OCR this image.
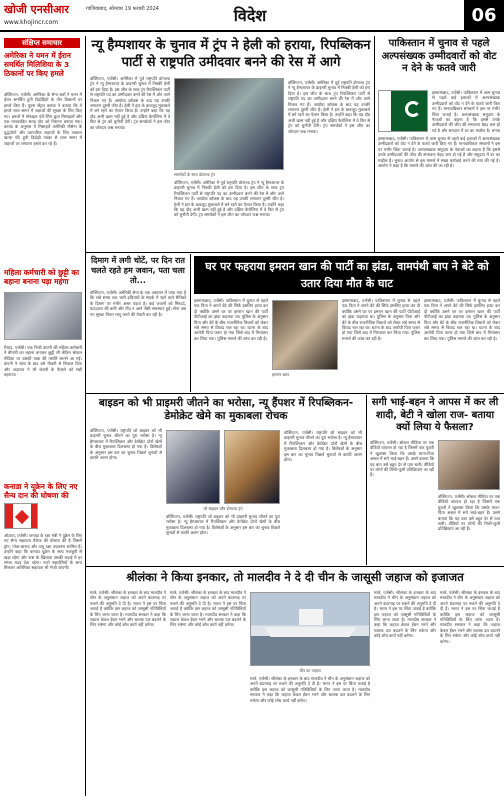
खोजी एनसीआर
www.khojincr.com
गाजियाबाद, सोमवार 19 फरवरी 2024	विदेश	06
संक्षिप्त समाचार
अमेरिका ने यमन में ईरान समर्थित मिलिशिया के 3 ठिकानों पर किए हमले
वॉशिंगटन, एजेंसी। अमेरिका के सेना बलों ने यमन में ईरान समर्थित हूती विद्रोहियों के तीन ठिकानों पर हमले किए हैं। यूएस सेंट्रल कमांड ने बताया कि ये हमले लाल सागर में जहाजों की सुरक्षा के लिए किए गए। हमलों में मोबाइल एंटी-शिप क्रूज मिसाइलों और एक मानवरहित सतह पोत को निशाना बनाया गया। कमांड के अनुसार ये मिसाइलें अमेरिकी नौसेना के युद्धपोतों और व्यापारिक जहाजों के लिए तत्काल खतरा थीं। हूती विद्रोही नवंबर से लाल सागर में जहाजों पर लगातार हमले कर रहे हैं।
महिला कर्मचारी को छुट्टी का बहाना बनाना पड़ा महंगा
रियाद, एजेंसी। एक निजी कंपनी की महिला कर्मचारी ने बीमारी का बहाना बनाकर छुट्टी ली लेकिन सोशल मीडिया पर उसकी यात्रा की तस्वीरें सामने आ गईं। कंपनी ने जांच के बाद उसे नौकरी से निकाल दिया और अदालत ने भी कंपनी के फैसले को सही ठहराया।
कनाडा ने यूक्रेन के लिए नए सैन्य दान की घोषणा की

ओटावा, एजेंसी। कनाडा के रक्षा मंत्री ने यूक्रेन के लिए नए सैन्य सहायता पैकेज की घोषणा की है जिसमें ड्रोन, गोला-बारूद और वायु रक्षा उपकरण शामिल हैं। उन्होंने कहा कि कनाडा यूक्रेन के साथ मजबूती से खड़ा रहेगा और रूस के खिलाफ उसकी लड़ाई में हर संभव मदद देता रहेगा। नाटो सहयोगियों के साथ मिलकर अतिरिक्त सहायता भी भेजी जाएगी।
न्यू हैम्पशायर के चुनाव में ट्रंप ने हेली को हराया, रिपब्लिकन पार्टी से राष्ट्रपति उमीदवार बनने की रेस में आगे
वॉशिंगटन, एजेंसी। अमेरिका में पूर्व राष्ट्रपति डोनाल्ड ट्रंप ने न्यू हैम्पशायर के प्राइमरी चुनाव में निक्की हेली को हरा दिया है। इस जीत के साथ ट्रंप रिपब्लिकन पार्टी से राष्ट्रपति पद का उम्मीदवार बनने की रेस में और आगे निकल गए हैं। आयोवा कॉकस के बाद यह उनकी लगातार दूसरी जीत है। हेली ने हार के बावजूद मुकाबले में बने रहने का ऐलान किया है। उन्होंने कहा कि यह दौड़ अभी खत्म नहीं हुई है और दक्षिण कैरोलिना में वे फिर से ट्रंप को चुनौती देंगी। ट्रंप समर्थकों ने इस जीत का जोरदार जश्न मनाया।
समर्थकों के साथ डोनाल्ड ट्रंप
वॉशिंगटन, एजेंसी। अमेरिका में पूर्व राष्ट्रपति डोनाल्ड ट्रंप ने न्यू हैम्पशायर के प्राइमरी चुनाव में निक्की हेली को हरा दिया है। इस जीत के साथ ट्रंप रिपब्लिकन पार्टी से राष्ट्रपति पद का उम्मीदवार बनने की रेस में और आगे निकल गए हैं। आयोवा कॉकस के बाद यह उनकी लगातार दूसरी जीत है। हेली ने हार के बावजूद मुकाबले में बने रहने का ऐलान किया है। उन्होंने कहा कि यह दौड़ अभी खत्म नहीं हुई है और दक्षिण कैरोलिना में वे फिर से ट्रंप को चुनौती देंगी। ट्रंप समर्थकों ने इस जीत का जोरदार जश्न मनाया।
वॉशिंगटन, एजेंसी। अमेरिका में पूर्व राष्ट्रपति डोनाल्ड ट्रंप ने न्यू हैम्पशायर के प्राइमरी चुनाव में निक्की हेली को हरा दिया है। इस जीत के साथ ट्रंप रिपब्लिकन पार्टी से राष्ट्रपति पद का उम्मीदवार बनने की रेस में और आगे निकल गए हैं। आयोवा कॉकस के बाद यह उनकी लगातार दूसरी जीत है। हेली ने हार के बावजूद मुकाबले में बने रहने का ऐलान किया है। उन्होंने कहा कि यह दौड़ अभी खत्म नहीं हुई है और दक्षिण कैरोलिना में वे फिर से ट्रंप को चुनौती देंगी। ट्रंप समर्थकों ने इस जीत का जोरदार जश्न मनाया।
पाकिस्तान में चुनाव से पहले अल्पसंख्यक उम्मीदवारों को वोट न देने के फतवे जारी
इस्लामाबाद, एजेंसी। पाकिस्तान में आम चुनाव से पहले कई इलाकों में अल्पसंख्यक उम्मीदवारों को वोट न देने के फतवे जारी किए गए हैं। मानवाधिकार संगठनों ने इस पर गंभीर चिंता जताई है। अल्पसंख्यक समुदाय के नेताओं का कहना है कि इससे उनके उम्मीदवारों की जीत की संभावना बेहद कम हो गई है और समुदाय में डर का माहौल है। चुनाव
इस्लामाबाद, एजेंसी। पाकिस्तान में आम चुनाव से पहले कई इलाकों में अल्पसंख्यक उम्मीदवारों को वोट न देने के फतवे जारी किए गए हैं। मानवाधिकार संगठनों ने इस पर गंभीर चिंता जताई है। अल्पसंख्यक समुदाय के नेताओं का कहना है कि इससे उनके उम्मीदवारों की जीत की संभावना बेहद कम हो गई है और समुदाय में डर का माहौल है। चुनाव आयोग से इस मामले में सख्त कार्रवाई करने की मांग की गई है। आयोग ने कहा है कि मामले की जांच की जा रही है।
दिमाग में लगी चोटें, पर दिन रात चलते रहते हम जवान, पता चला तो...
वॉशिंगटन, एजेंसी। अमेरिकी सेना के एक अध्ययन में पाया गया है कि लंबे समय तक भारी हथियारों के संपर्क में रहने वाले सैनिकों के दिमाग पर गंभीर असर पड़ता है। कई जवानों को सिरदर्द, याददाश्त की कमी और नींद न आने जैसी समस्याएं हुईं। सेना अब नए सुरक्षा नियम लागू करने की तैयारी कर रही है।
घर पर फहराया इमरान खान की पार्टी का झंडा, वामपंथी बाप ने बेटे को उतार दिया मौत के घाट
इस्लामाबाद, एजेंसी। पाकिस्तान में चुनाव से पहले एक पिता ने अपने बेटे की सिर्फ इसलिए हत्या कर दी क्योंकि उसने घर पर इमरान खान की पार्टी पीटीआई का झंडा फहराया था। पुलिस के अनुसार पिता और बेटे के बीच राजनीतिक विचारों को लेकर लंबे समय से विवाद चल रहा था। घटना के बाद आरोपी पिता फरार हो गया जिसे बाद में गिरफ्तार कर लिया गया। पुलिस मामले की जांच कर रही है।
इमरान खान
इस्लामाबाद, एजेंसी। पाकिस्तान में चुनाव से पहले एक पिता ने अपने बेटे की सिर्फ इसलिए हत्या कर दी क्योंकि उसने घर पर इमरान खान की पार्टी पीटीआई का झंडा फहराया था। पुलिस के अनुसार पिता और बेटे के बीच राजनीतिक विचारों को लेकर लंबे समय से विवाद चल रहा था। घटना के बाद आरोपी पिता फरार हो गया जिसे बाद में गिरफ्तार कर लिया गया। पुलिस मामले की जांच कर रही है।
इस्लामाबाद, एजेंसी। पाकिस्तान में चुनाव से पहले एक पिता ने अपने बेटे की सिर्फ इसलिए हत्या कर दी क्योंकि उसने घर पर इमरान खान की पार्टी पीटीआई का झंडा फहराया था। पुलिस के अनुसार पिता और बेटे के बीच राजनीतिक विचारों को लेकर लंबे समय से विवाद चल रहा था। घटना के बाद आरोपी पिता फरार हो गया जिसे बाद में गिरफ्तार कर लिया गया। पुलिस मामले की जांच कर रही है।
बाइडन को भी प्राइमरी जीतने का भरोसा, न्यू हैंपशर में रिपब्लिकन-डेमोक्रेट खेमे का मुकाबला रोचक
वॉशिंगटन, एजेंसी। राष्ट्रपति जो बाइडन को भी प्राइमरी चुनाव जीतने का पूरा भरोसा है। न्यू हैम्पशायर में रिपब्लिकन और डेमोक्रेट दोनों खेमों के बीच मुकाबला दिलचस्प हो गया है। विशेषज्ञों के अनुसार इस बार का चुनाव पिछले चुनावों से काफी अलग होगा।
जो बाइडन और डोनाल्ड ट्रंप
वॉशिंगटन, एजेंसी। राष्ट्रपति जो बाइडन को भी प्राइमरी चुनाव जीतने का पूरा भरोसा है। न्यू हैम्पशायर में रिपब्लिकन और डेमोक्रेट दोनों खेमों के बीच मुकाबला दिलचस्प हो गया है। विशेषज्ञों के अनुसार इस बार का चुनाव पिछले चुनावों से काफी अलग होगा।
वॉशिंगटन, एजेंसी। राष्ट्रपति जो बाइडन को भी प्राइमरी चुनाव जीतने का पूरा भरोसा है। न्यू हैम्पशायर में रिपब्लिकन और डेमोक्रेट दोनों खेमों के बीच मुकाबला दिलचस्प हो गया है। विशेषज्ञों के अनुसार इस बार का चुनाव पिछले चुनावों से काफी अलग होगा।
सगी भाई-बहन ने आपस में कर ली शादी, बेटी ने खोला राज- बताया क्यों लिया ये फैसला?
वॉशिंगटन, एजेंसी। सोशल मीडिया पर एक वीडियो वायरल हो रहा है जिसमें एक युवती ने खुलासा किया कि उसके माता-पिता असल में सगे भाई-बहन हैं। उसने बताया कि यह बात उसे बहुत देर से पता चली। वीडियो पर लोगों की मिली-जुली प्रतिक्रियाएं आ रही हैं।
वॉशिंगटन, एजेंसी। सोशल मीडिया पर एक वीडियो वायरल हो रहा है जिसमें एक युवती ने खुलासा किया कि उसके माता-पिता असल में सगे भाई-बहन हैं। उसने बताया कि यह बात उसे बहुत देर से पता चली। वीडियो पर लोगों की मिली-जुली प्रतिक्रियाएं आ रही हैं।
श्रीलंका ने किया इनकार, तो मालदीव ने दे दी चीन के जासूसी जहाज को इजाजत
माले, एजेंसी। श्रीलंका के इनकार के बाद मालदीव ने चीन के अनुसंधान जहाज को अपने बंदरगाह पर रुकने की अनुमति दे दी है। भारत ने इस पर चिंता जताई है क्योंकि इस जहाज को जासूसी गतिविधियों के लिए जाना जाता है। मालदीव सरकार ने कहा कि जहाज केवल ईंधन भरने और चालक दल बदलने के लिए रुकेगा और कोई शोध कार्य नहीं करेगा।
माले, एजेंसी। श्रीलंका के इनकार के बाद मालदीव ने चीन के अनुसंधान जहाज को अपने बंदरगाह पर रुकने की अनुमति दे दी है। भारत ने इस पर चिंता जताई है क्योंकि इस जहाज को जासूसी गतिविधियों के लिए जाना जाता है। मालदीव सरकार ने कहा कि जहाज केवल ईंधन भरने और चालक दल बदलने के लिए रुकेगा और कोई शोध कार्य नहीं करेगा।
चीन का जहाज
माले, एजेंसी। श्रीलंका के इनकार के बाद मालदीव ने चीन के अनुसंधान जहाज को अपने बंदरगाह पर रुकने की अनुमति दे दी है। भारत ने इस पर चिंता जताई है क्योंकि इस जहाज को जासूसी गतिविधियों के लिए जाना जाता है। मालदीव सरकार ने कहा कि जहाज केवल ईंधन भरने और चालक दल बदलने के लिए रुकेगा और कोई शोध कार्य नहीं करेगा।
माले, एजेंसी। श्रीलंका के इनकार के बाद मालदीव ने चीन के अनुसंधान जहाज को अपने बंदरगाह पर रुकने की अनुमति दे दी है। भारत ने इस पर चिंता जताई है क्योंकि इस जहाज को जासूसी गतिविधियों के लिए जाना जाता है। मालदीव सरकार ने कहा कि जहाज केवल ईंधन भरने और चालक दल बदलने के लिए रुकेगा और कोई शोध कार्य नहीं करेगा।
माले, एजेंसी। श्रीलंका के इनकार के बाद मालदीव ने चीन के अनुसंधान जहाज को अपने बंदरगाह पर रुकने की अनुमति दे दी है। भारत ने इस पर चिंता जताई है क्योंकि इस जहाज को जासूसी गतिविधियों के लिए जाना जाता है। मालदीव सरकार ने कहा कि जहाज केवल ईंधन भरने और चालक दल बदलने के लिए रुकेगा और कोई शोध कार्य नहीं करेगा।
